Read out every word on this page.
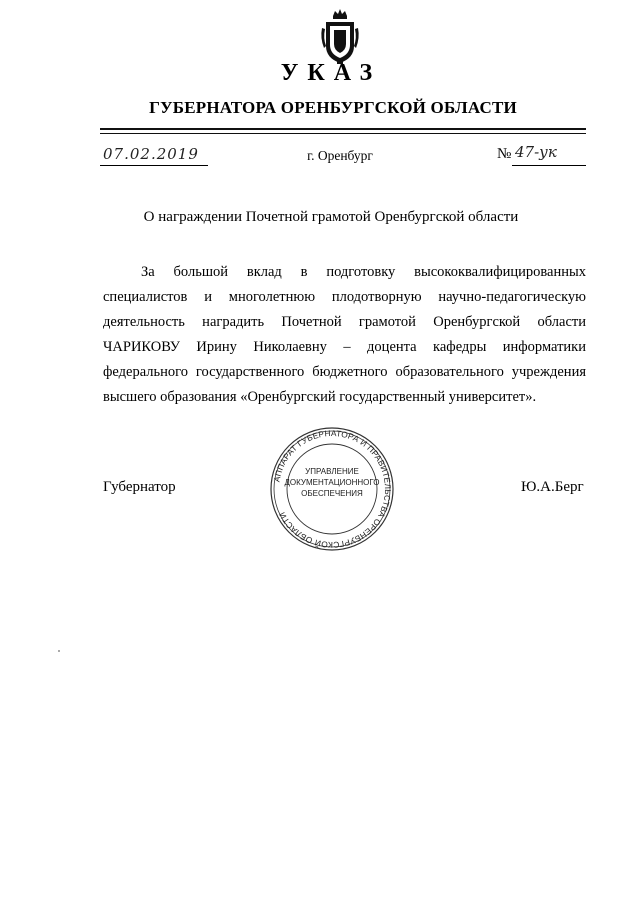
УКАЗ
ГУБЕРНАТОРА ОРЕНБУРГСКОЙ ОБЛАСТИ
07.02.2019	г. Оренбург	№ 47-ук
О награждении Почетной грамотой Оренбургской области
За большой вклад в подготовку высококвалифицированных специалистов и многолетнюю плодотворную научно-педагогическую деятельность наградить Почетной грамотой Оренбургской области ЧАРИКОВУ Ирину Николаевну – доцента кафедры информатики федерального государственного бюджетного образовательного учреждения высшего образования «Оренбургский государственный университет».
Губернатор	Ю.А.Берг
АППАРАТ ГУБЕРНАТОРА И ПРАВИТЕЛЬСТВА ОРЕНБУРГСКОЙ ОБЛАСТИ
УПРАВЛЕНИЕ
ДОКУМЕНТАЦИОННОГО
ОБЕСПЕЧЕНИЯ
